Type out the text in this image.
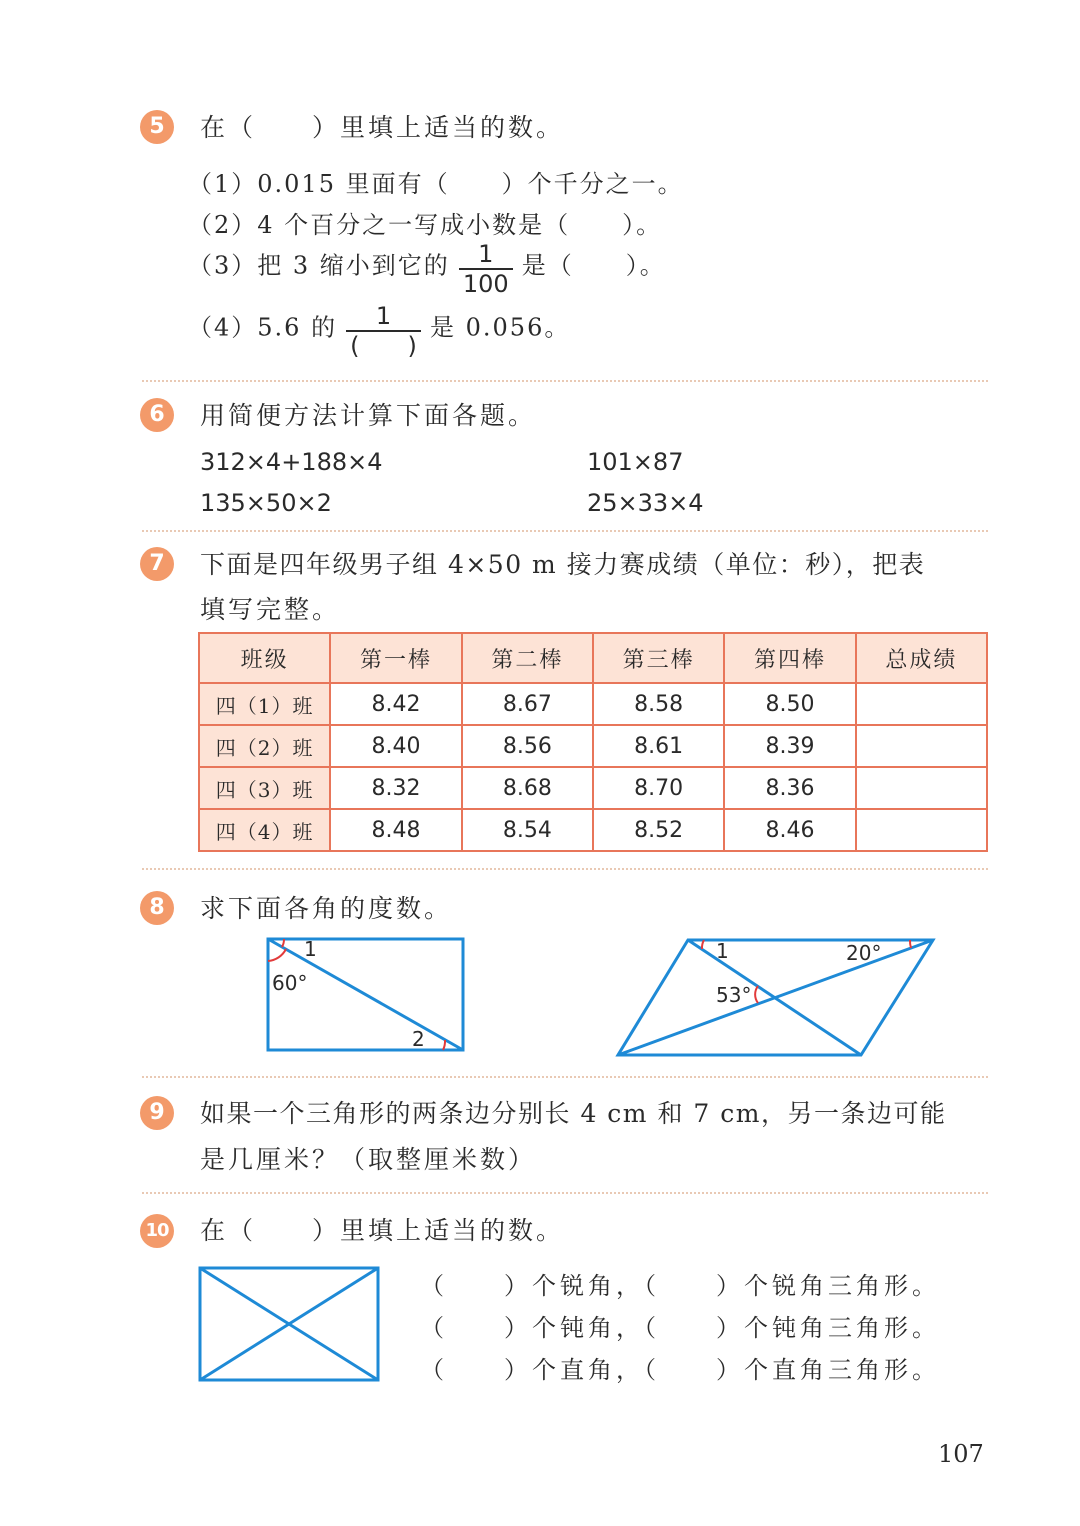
5	在（　　）里填上适当的数。
（1）0.015 里面有（　　）个千分之一。
（2）4 个百分之一写成小数是（　　）。
（3）把 3 缩小到它的 $\frac{1}{100}$ 是（　　）。
（4）5.6 的 $\frac{1}{( )}$ 是 0.056。
6	用简便方法计算下面各题。
312×4+188×4	101×87
135×50×2	25×33×4
7	下面是四年级男子组 4×50 m 接力赛成绩（单位：秒），把表
填写完整。
班级	第一棒	第二棒	第三棒	第四棒	总成绩
四（1）班	8.42	8.67	8.58	8.50	
四（2）班	8.40	8.56	8.61	8.39	
四（3）班	8.32	8.68	8.70	8.36	
四（4）班	8.48	8.54	8.52	8.46	
8	求下面各角的度数。
60°
1
2
1	20°
53°
9	如果一个三角形的两条边分别长 4 cm 和 7 cm，另一条边可能
是几厘米？（取整厘米数）
10 在（　　）里填上适当的数。
（　　）个锐角，（　　）个锐角三角形。
（　　）个钝角，（　　）个钝角三角形。
（　　）个直角，（　　）个直角三角形。
107
